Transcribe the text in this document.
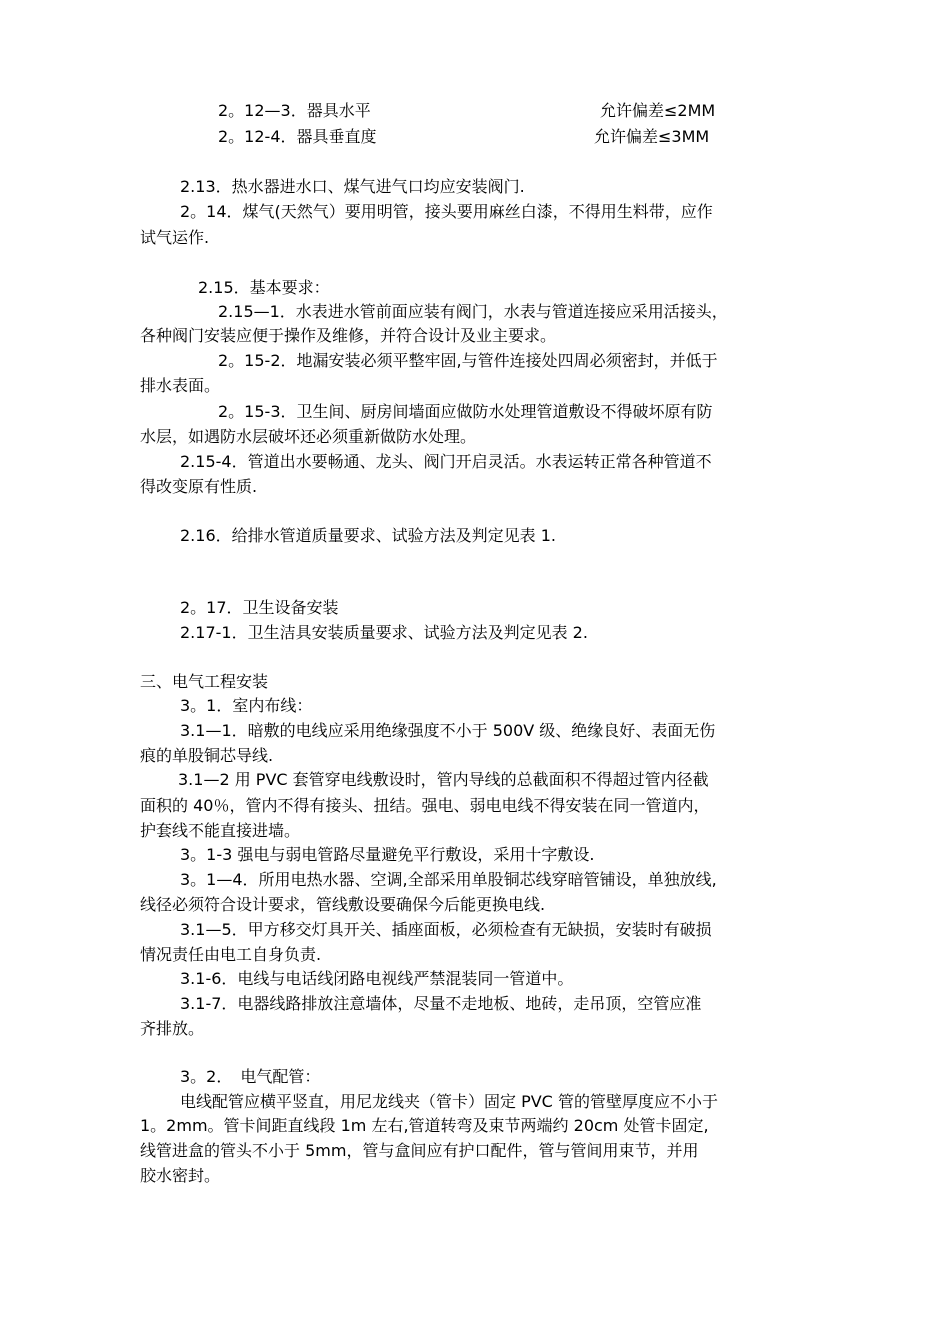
2。12—3．器具水平	允许偏差≤2MM
2。12-4．器具垂直度	允许偏差≤3MM
2.13．热水器进水口、煤气进气口均应安装阀门.
2。14．煤气(天然气）要用明管，接头要用麻丝白漆，不得用生料带，应作
试气运作.
2.15．基本要求：
2.15—1．水表进水管前面应装有阀门，水表与管道连接应采用活接头，
各种阀门安装应便于操作及维修，并符合设计及业主要求。
2。15-2．地漏安装必须平整牢固,与管件连接处四周必须密封，并低于
排水表面。
2。15-3．卫生间、厨房间墙面应做防水处理管道敷设不得破坏原有防
水层，如遇防水层破坏还必须重新做防水处理。
2.15-4．管道出水要畅通、龙头、阀门开启灵活。水表运转正常各种管道不
得改变原有性质.
2.16．给排水管道质量要求、试验方法及判定见表 1.
2。17．卫生设备安装
2.17-1．卫生洁具安装质量要求、试验方法及判定见表 2.
三、电气工程安装
3。1．室内布线：
3.1—1．暗敷的电线应采用绝缘强度不小于 500V 级、绝缘良好、表面无伤
痕的单股铜芯导线.
3.1—2 用 PVC 套管穿电线敷设时，管内导线的总截面积不得超过管内径截
面积的 40％，管内不得有接头、扭结。强电、弱电电线不得安装在同一管道内，
护套线不能直接进墙。
3。1-3 强电与弱电管路尽量避免平行敷设，采用十字敷设.
3。1—4．所用电热水器、空调,全部采用单股铜芯线穿暗管铺设，单独放线,
线径必须符合设计要求，管线敷设要确保今后能更换电线.
3.1—5．甲方移交灯具开关、插座面板，必须检查有无缺损，安装时有破损
情况责任由电工自身负责.
3.1-6．电线与电话线闭路电视线严禁混装同一管道中。
3.1-7．电器线路排放注意墙体，尽量不走地板、地砖，走吊顶，空管应准
齐排放。
3。2．　电气配管：
电线配管应横平竖直，用尼龙线夹（管卡）固定 PVC 管的管壁厚度应不小于
1。2mm。管卡间距直线段 1m 左右,管道转弯及束节两端约 20cm 处管卡固定,
线管进盒的管头不小于 5mm，管与盒间应有护口配件，管与管间用束节，并用
胶水密封。
